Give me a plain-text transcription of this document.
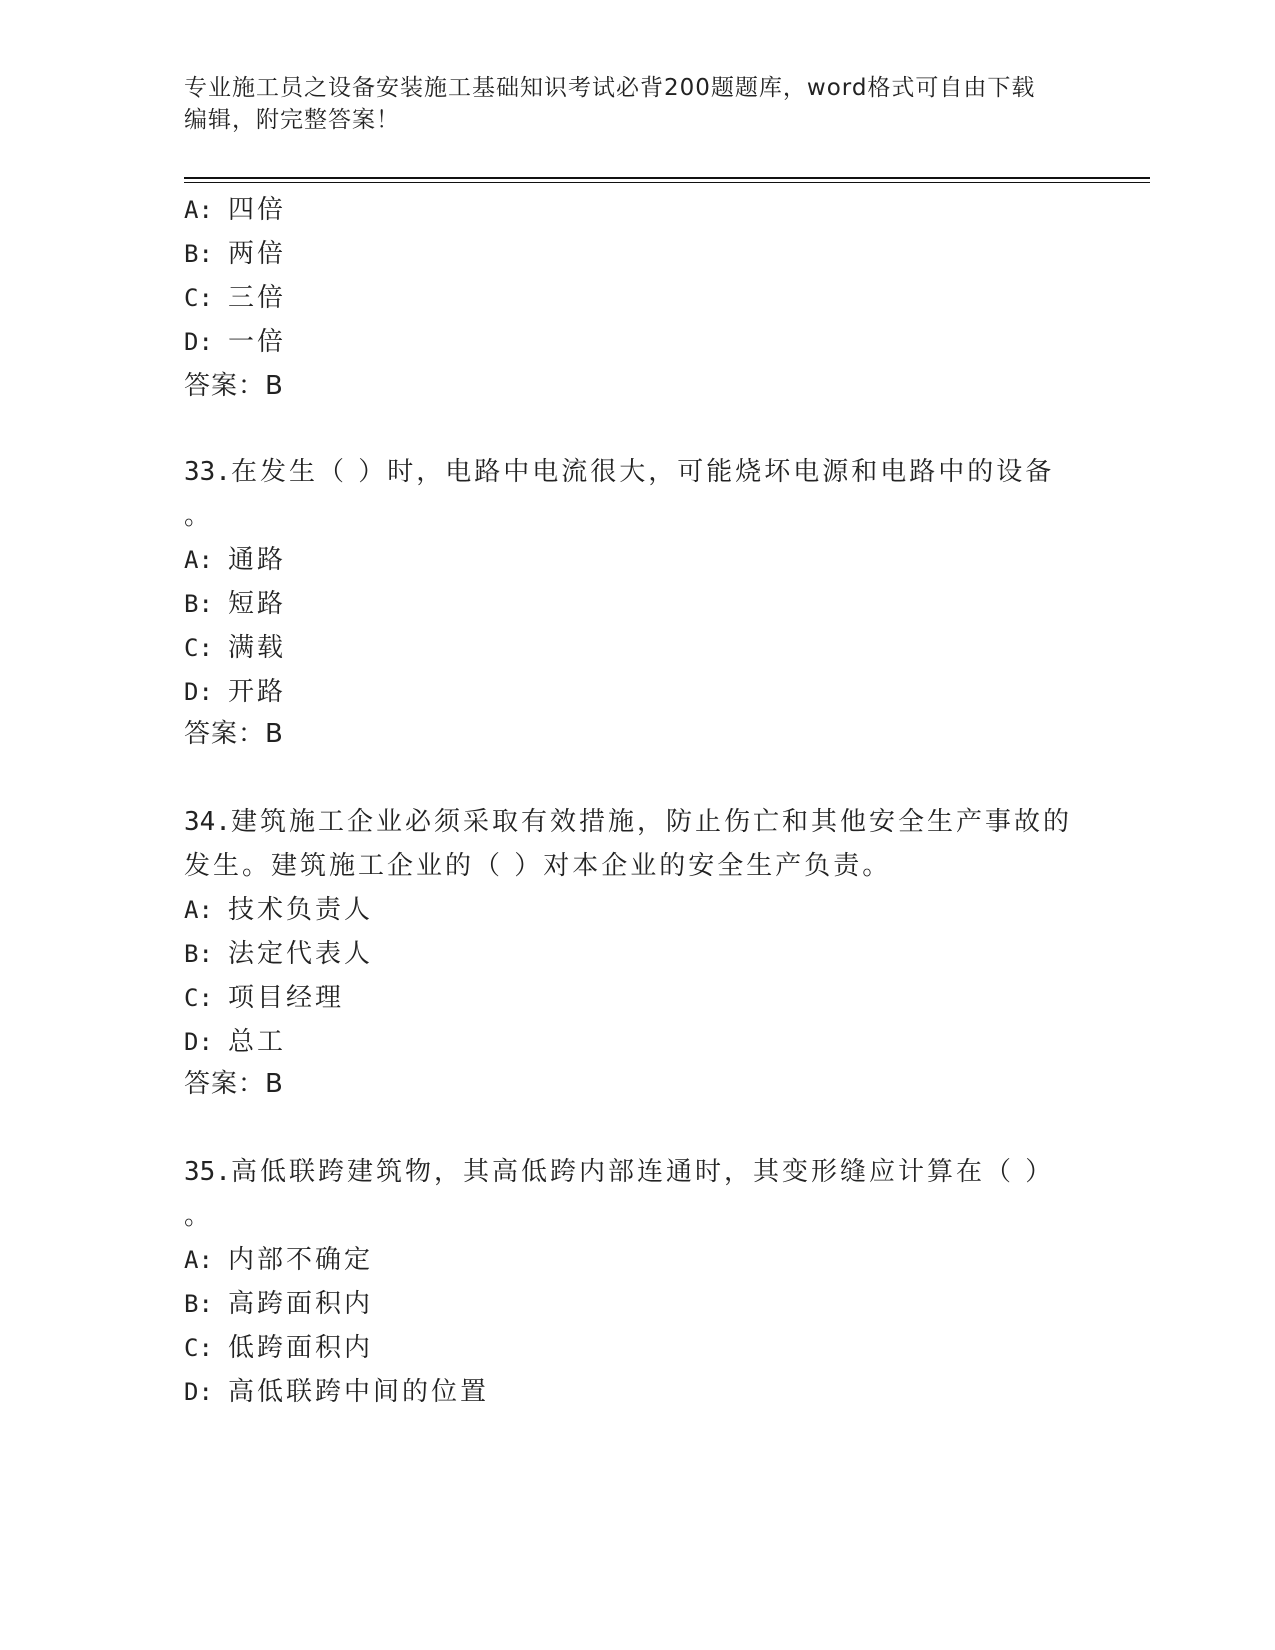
专业施工员之设备安装施工基础知识考试必背200题题库，word格式可自由下载
编辑，附完整答案！
A: 四倍
B: 两倍
C: 三倍
D: 一倍
答案：B
33.在发生（ ）时，电路中电流很大，可能烧坏电源和电路中的设备
。
A: 通路
B: 短路
C: 满载
D: 开路
答案：B
34.建筑施工企业必须采取有效措施，防止伤亡和其他安全生产事故的
发生。建筑施工企业的（ ）对本企业的安全生产负责。
A: 技术负责人
B: 法定代表人
C: 项目经理
D: 总工
答案：B
35.高低联跨建筑物，其高低跨内部连通时，其变形缝应计算在（ ）
。
A: 内部不确定
B: 高跨面积内
C: 低跨面积内
D: 高低联跨中间的位置
